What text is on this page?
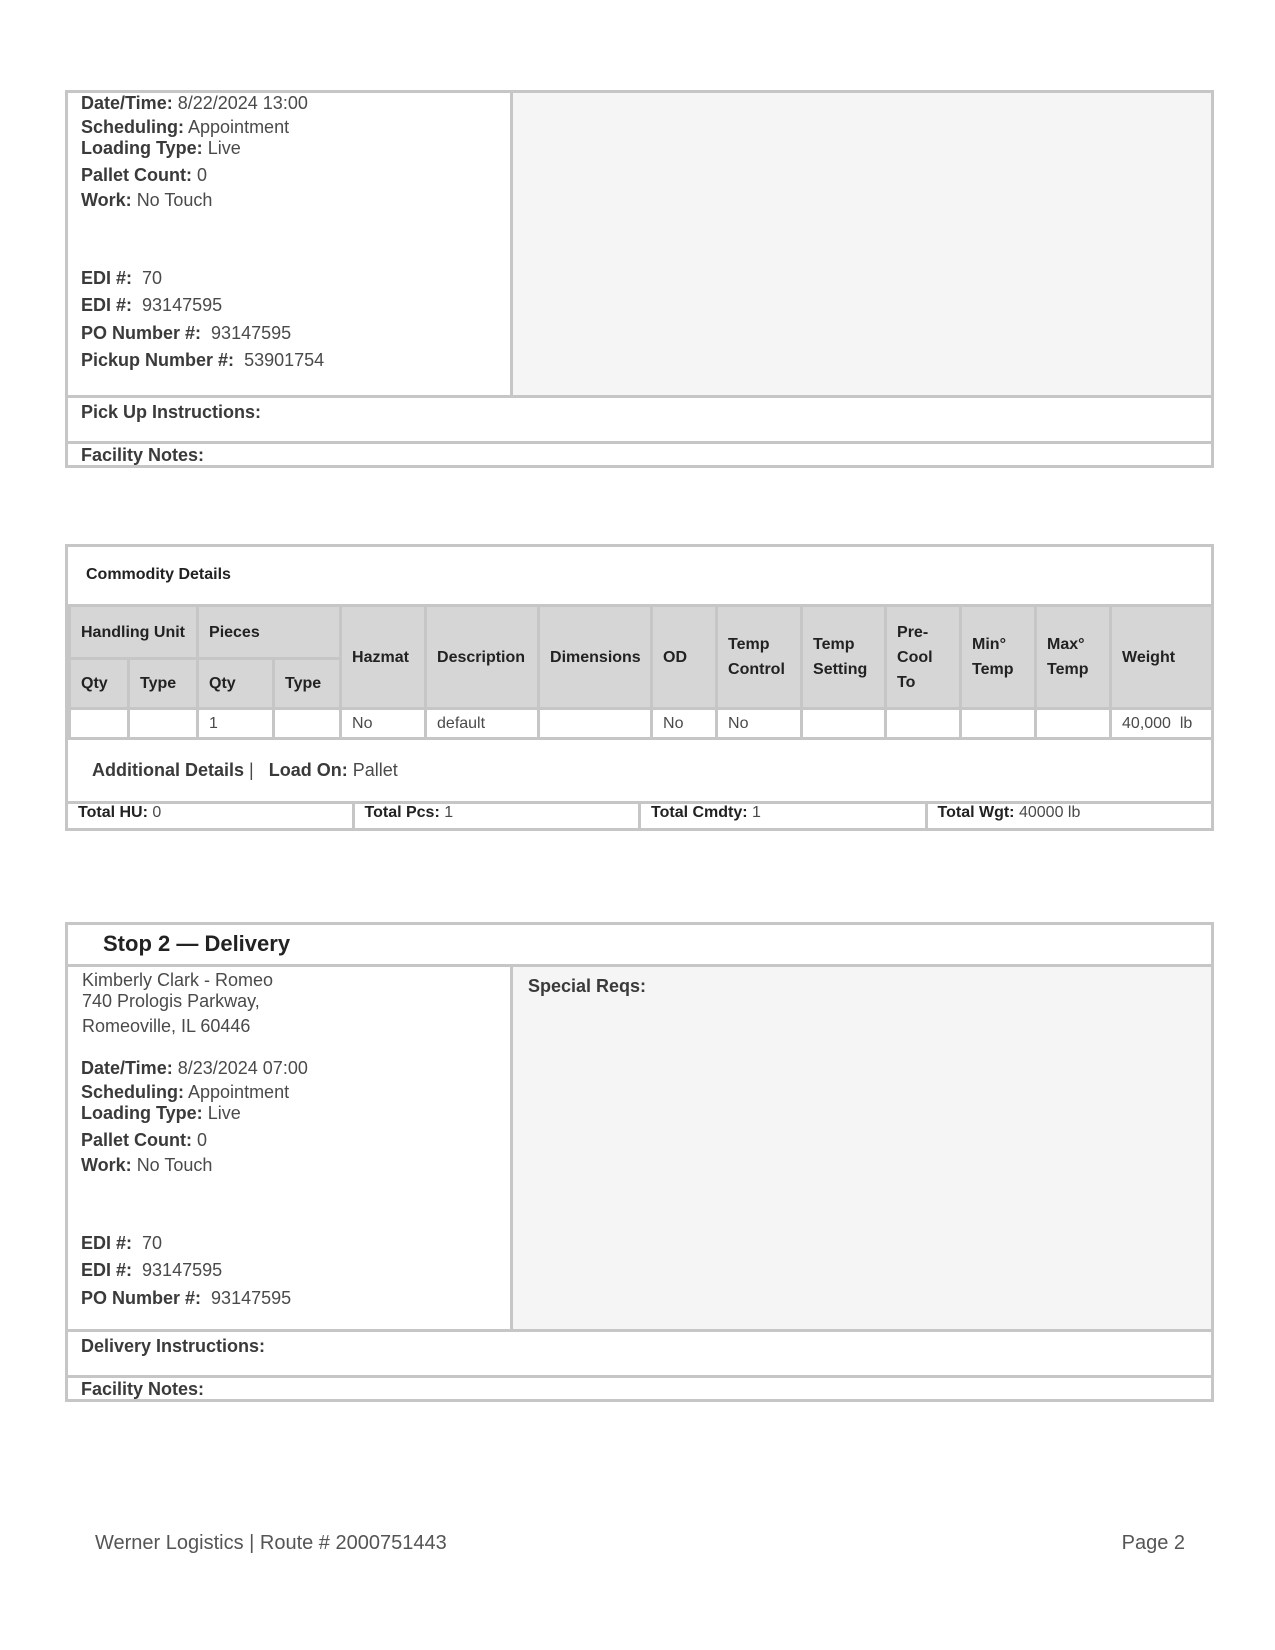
Date/Time: 8/22/2024 13:00
Scheduling: Appointment
Loading Type: Live
Pallet Count: 0
Work: No Touch
EDI #: 70
EDI #: 93147595
PO Number #: 93147595
Pickup Number #: 53901754
Pick Up Instructions:
Facility Notes:
Commodity Details
Handling Unit		Pieces		Hazmat	Description	Dimensions	OD	Temp Control	Temp Setting	Pre-Cool To	Min° Temp	Max° Temp	Weight
Qty	Type	Qty	Type										
		1		No	default		No	No					40,000  lb
Additional Details | Load On: Pallet
Total HU: 0	Total Pcs: 1	Total Cmdty: 1	Total Wgt: 40000 lb
Stop 2 — Delivery
Kimberly Clark - Romeo
740 Prologis Parkway,
Romeoville, IL 60446
Date/Time: 8/23/2024 07:00
Scheduling: Appointment
Loading Type: Live
Pallet Count: 0
Work: No Touch
EDI #: 70
EDI #: 93147595
PO Number #: 93147595
Special Reqs:
Delivery Instructions:
Facility Notes:
Werner Logistics | Route # 2000751443	Page 2
